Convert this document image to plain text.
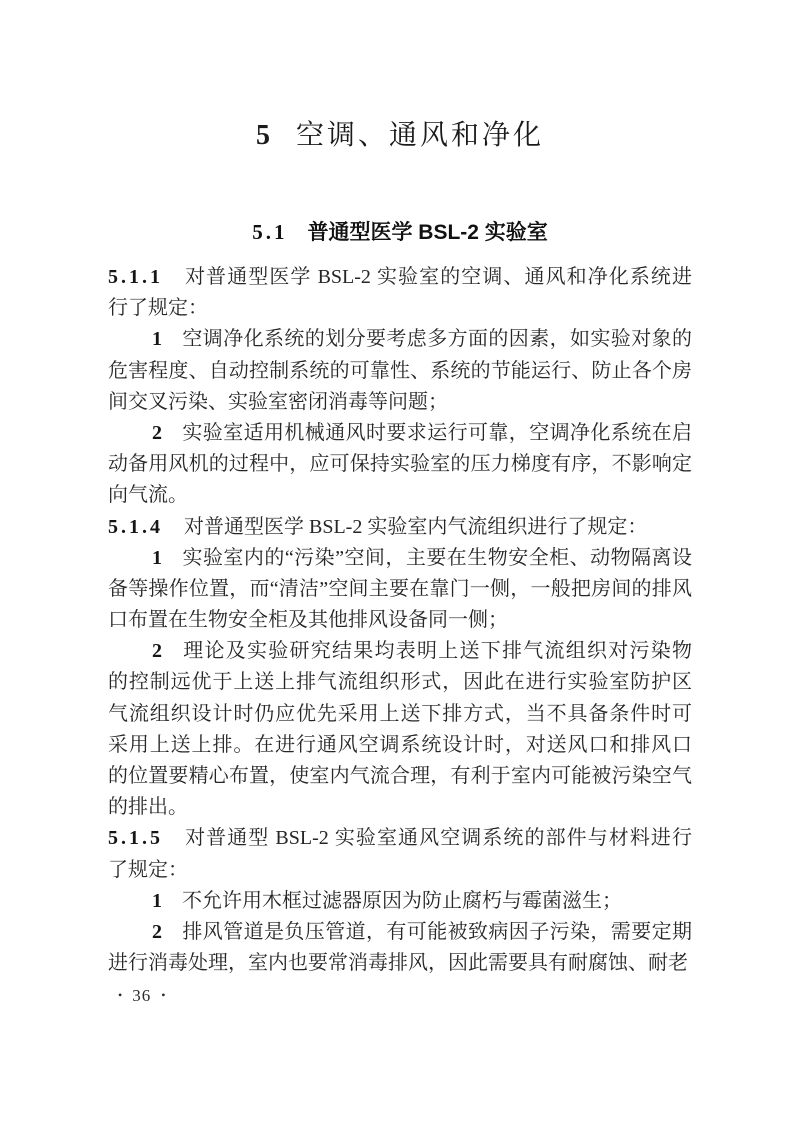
5 空调、通风和净化
5.1 普通型医学 BSL-2 实验室
5.1.1 对普通型医学 BSL-2 实验室的空调、通风和净化系统进
行了规定：
1 空调净化系统的划分要考虑多方面的因素，如实验对象的
危害程度、自动控制系统的可靠性、系统的节能运行、防止各个房
间交叉污染、实验室密闭消毒等问题；
2 实验室适用机械通风时要求运行可靠，空调净化系统在启
动备用风机的过程中，应可保持实验室的压力梯度有序，不影响定
向气流。
5.1.4 对普通型医学 BSL-2 实验室内气流组织进行了规定：
1 实验室内的“污染”空间，主要在生物安全柜、动物隔离设
备等操作位置，而“清洁”空间主要在靠门一侧，一般把房间的排风
口布置在生物安全柜及其他排风设备同一侧；
2 理论及实验研究结果均表明上送下排气流组织对污染物
的控制远优于上送上排气流组织形式，因此在进行实验室防护区
气流组织设计时仍应优先采用上送下排方式，当不具备条件时可
采用上送上排。在进行通风空调系统设计时，对送风口和排风口
的位置要精心布置，使室内气流合理，有利于室内可能被污染空气
的排出。
5.1.5 对普通型 BSL-2 实验室通风空调系统的部件与材料进行
了规定：
1 不允许用木框过滤器原因为防止腐朽与霉菌滋生；
2 排风管道是负压管道，有可能被致病因子污染，需要定期
进行消毒处理，室内也要常消毒排风，因此需要具有耐腐蚀、耐老
• 36 •
